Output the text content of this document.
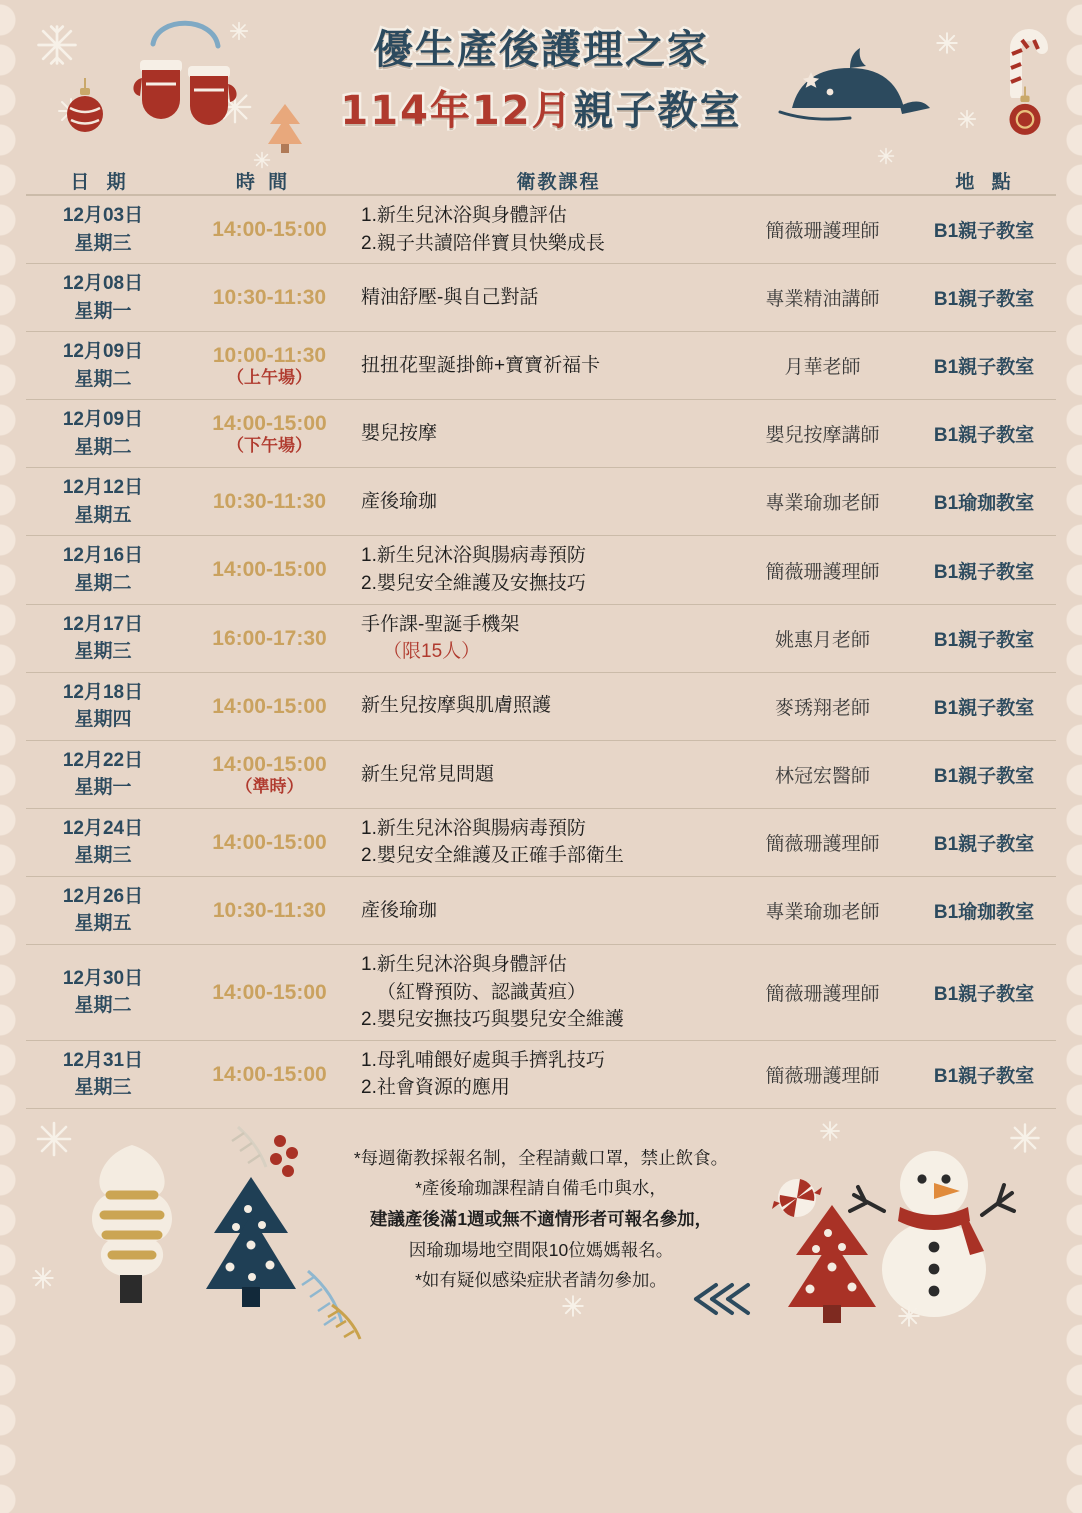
優生產後護理之家
114年12月親子教室
日 期	時 間	衛教課程	地 點
12月03日
星期三
	14:00-15:00	
1.新生兒沐浴與身體評估
2.親子共讀陪伴寶貝快樂成長
	簡薇珊護理師	B1親子教室

12月08日
星期一	10:30-11:30	精油舒壓-與自己對話	專業精油講師	B1親子教室

12月09日
星期二
	10:00-11:30
（上午場）

扭扭花聖誕掛飾+寶寶祈福卡	月華老師	B1親子教室

12月09日
星期二
	14:00-15:00
（下午場）

嬰兒按摩	嬰兒按摩講師	B1親子教室

12月12日
星期五	10:30-11:30	產後瑜珈	專業瑜珈老師	B1瑜珈教室

12月16日
星期二
	14:00-15:00	
1.新生兒沐浴與腸病毒預防
2.嬰兒安全維護及安撫技巧
	簡薇珊護理師	B1親子教室

12月17日
星期三
	16:00-17:30	
手作課-聖誕手機架
（限15人）
	姚惠月老師	B1親子教室

12月18日
星期四	14:00-15:00	新生兒按摩與肌膚照護	麥琇翔老師	B1親子教室

12月22日
星期一
	14:00-15:00
（準時）

新生兒常見問題	林冠宏醫師	B1親子教室

12月24日
星期三
	14:00-15:00	
1.新生兒沐浴與腸病毒預防
2.嬰兒安全維護及正確手部衛生
	簡薇珊護理師	B1親子教室

12月26日
星期五	10:30-11:30	產後瑜珈	專業瑜珈老師	B1瑜珈教室

12月30日
星期二
	14:00-15:00	
1.新生兒沐浴與身體評估
（紅臀預防、認識黃疸）
2.嬰兒安撫技巧與嬰兒安全維護
	簡薇珊護理師	B1親子教室

12月31日
星期三
	14:00-15:00	
1.母乳哺餵好處與手擠乳技巧
2.社會資源的應用
	簡薇珊護理師	B1親子教室
*每週衛教採報名制，全程請戴口罩，禁止飲食。
*產後瑜珈課程請自備毛巾與水，
建議產後滿1週或無不適情形者可報名參加，
因瑜珈場地空間限10位媽媽報名。
*如有疑似感染症狀者請勿參加。
